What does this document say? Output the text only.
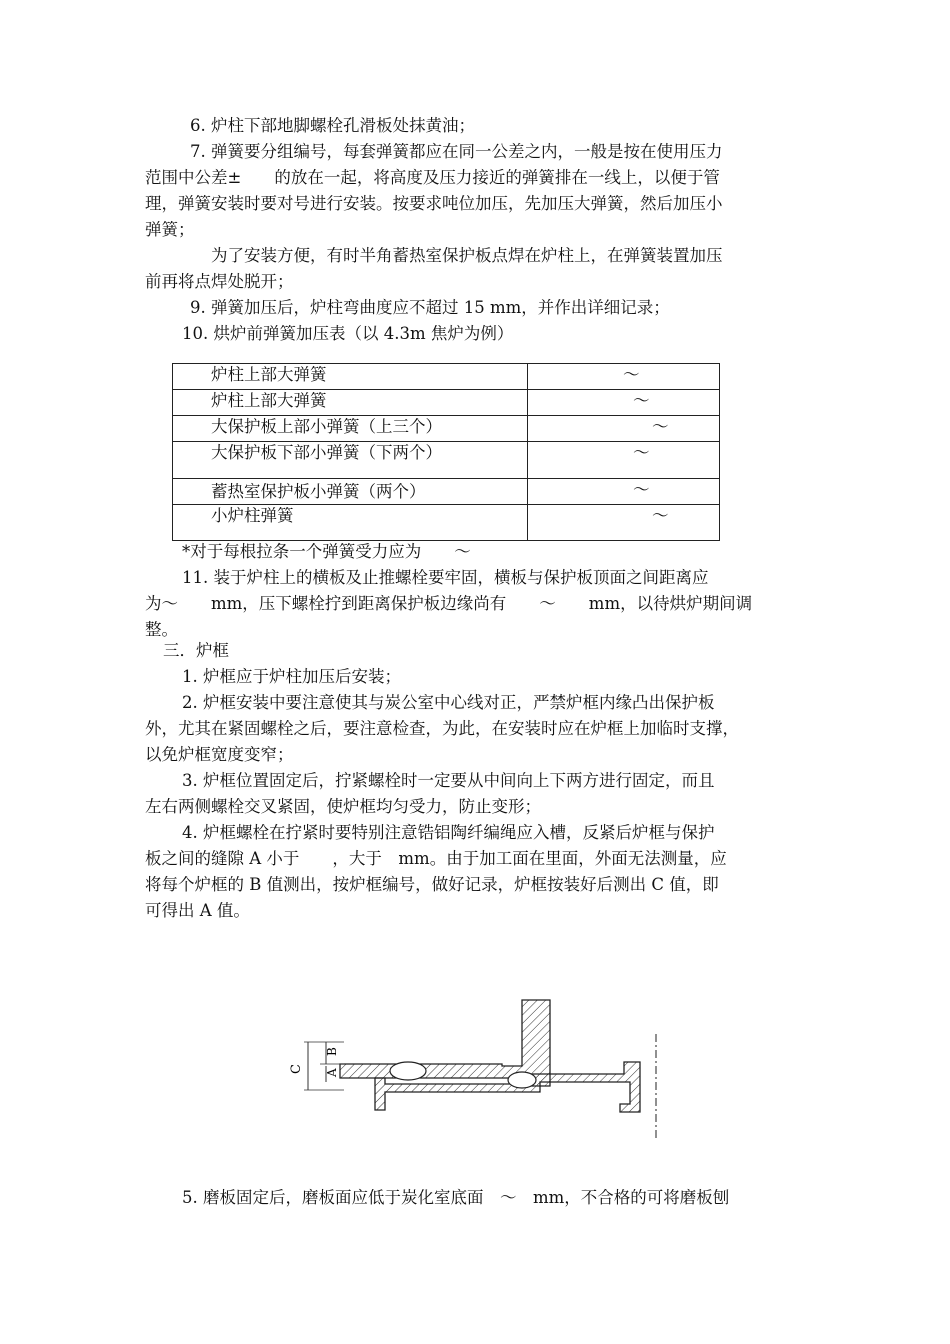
6. 炉柱下部地脚螺栓孔滑板处抹黄油；
7. 弹簧要分组编号，每套弹簧都应在同一公差之内，一般是按在使用压力
范围中公差±　　的放在一起，将高度及压力接近的弹簧排在一线上，以便于管
理，弹簧安装时要对号进行安装。按要求吨位加压，先加压大弹簧，然后加压小
弹簧；
为了安装方便，有时半角蓄热室保护板点焊在炉柱上，在弹簧装置加压
前再将点焊处脱开；
9. 弹簧加压后，炉柱弯曲度应不超过 15 mm，并作出详细记录；
10. 烘炉前弹簧加压表（以 4.3m 焦炉为例）
炉柱上部大弹簧	～

炉柱上部大弹簧	～

大保护板上部小弹簧（上三个）	～

大保护板下部小弹簧（下两个）	～

蓄热室保护板小弹簧（两个）	～

小炉柱弹簧	～
*对于每根拉条一个弹簧受力应为　　～
11. 装于炉柱上的横板及止推螺栓要牢固，横板与保护板顶面之间距离应
为～　　mm，压下螺栓拧到距离保护板边缘尚有　　～　　mm，以待烘炉期间调
整。
三．炉框
1. 炉框应于炉柱加压后安装；
2. 炉框安装中要注意使其与炭公室中心线对正，严禁炉框内缘凸出保护板
外，尤其在紧固螺栓之后，要注意检查，为此，在安装时应在炉框上加临时支撑，
以免炉框宽度变窄；
3. 炉框位置固定后，拧紧螺栓时一定要从中间向上下两方进行固定，而且
左右两侧螺栓交叉紧固，使炉框均匀受力，防止变形；
4. 炉框螺栓在拧紧时要特别注意锆铝陶纤编绳应入槽，反紧后炉框与保护
板之间的缝隙 A 小于　　，大于　mm。由于加工面在里面，外面无法测量，应
将每个炉框的 B 值测出，按炉框编号，做好记录，炉框按装好后测出 C 值，即
可得出 A 值。
C
B
A
5. 磨板固定后，磨板面应低于炭化室底面　～　mm，不合格的可将磨板刨
